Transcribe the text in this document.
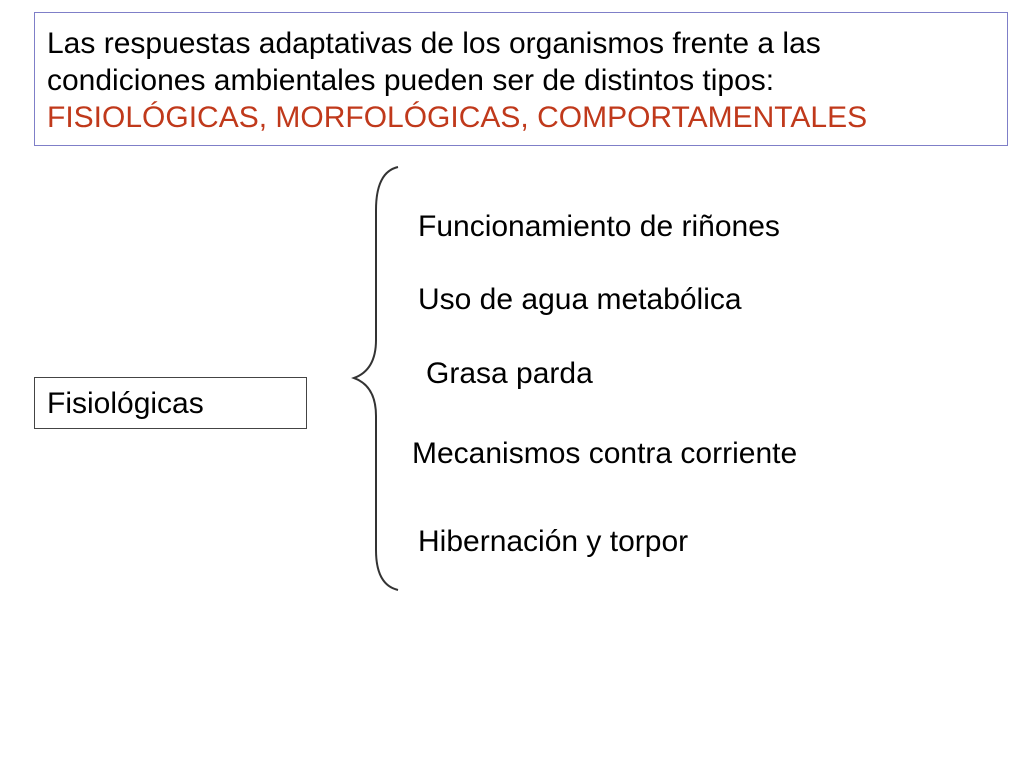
Las respuestas adaptativas de los organismos frente a las
condiciones ambientales pueden ser de distintos tipos:
FISIOLÓGICAS, MORFOLÓGICAS, COMPORTAMENTALES
Fisiológicas
Funcionamiento de riñones
Uso de agua metabólica
Grasa parda
Mecanismos contra corriente
Hibernación y torpor
